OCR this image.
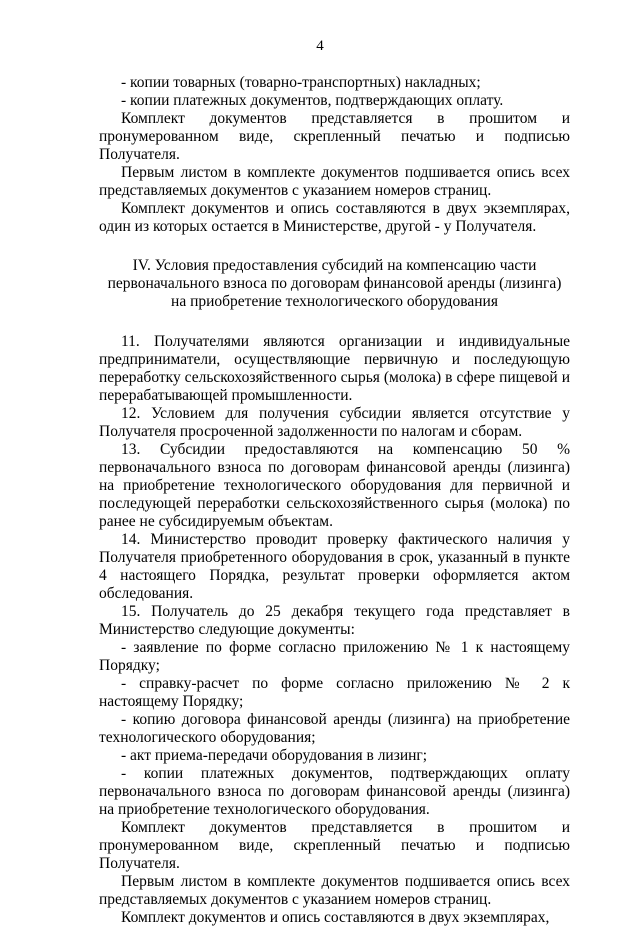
4

- копии товарных (товарно-транспортных) накладных;

- копии платежных документов, подтверждающих оплату.

Комплект документов представляется в прошитом и пронумерованном виде, скрепленный печатью и подписью Получателя.

Первым листом в комплекте документов подшивается опись всех представляемых документов с указанием номеров страниц.

Комплект документов и опись составляются в двух экземплярах, один из которых остается в Министерстве, другой - у Получателя.

IV. Условия предоставления субсидий на компенсацию части
первоначального взноса по договорам финансовой аренды (лизинга)
на приобретение технологического оборудования

11. Получателями являются организации и индивидуальные предприниматели, осуществляющие первичную и последующую переработку сельскохозяйственного сырья (молока) в сфере пищевой и перерабатывающей промышленности.

12. Условием для получения субсидии является отсутствие у Получателя просроченной задолженности по налогам и сборам.

13. Субсидии предоставляются на компенсацию 50 % первоначального взноса по договорам финансовой аренды (лизинга) на приобретение технологического оборудования для первичной и последующей переработки сельскохозяйственного сырья (молока) по ранее не субсидируемым объектам.

14. Министерство проводит проверку фактического наличия у Получателя приобретенного оборудования в срок, указанный в пункте 4 настоящего Порядка, результат проверки оформляется актом обследования.

15. Получатель до 25 декабря текущего года представляет в Министерство следующие документы:

- заявление по форме согласно приложению № 1 к настоящему Порядку;

- справку-расчет по форме согласно приложению № 2 к настоящему Порядку;

- копию договора финансовой аренды (лизинга) на приобретение технологического оборудования;

- акт приема-передачи оборудования в лизинг;

- копии платежных документов, подтверждающих оплату первоначального взноса по договорам финансовой аренды (лизинга) на приобретение технологического оборудования.

Комплект документов представляется в прошитом и пронумерованном виде, скрепленный печатью и подписью Получателя.

Первым листом в комплекте документов подшивается опись всех представляемых документов с указанием номеров страниц.

Комплект документов и опись составляются в двух экземплярах,
